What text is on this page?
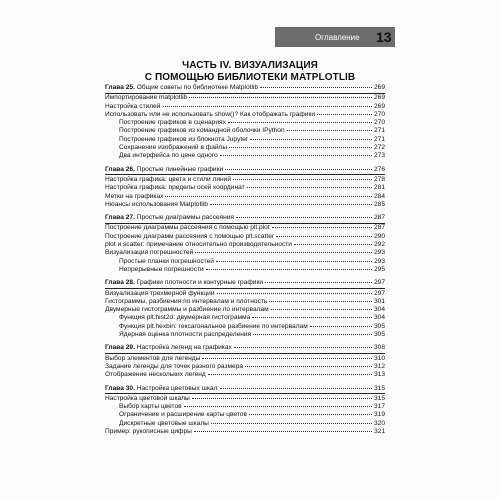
Оглавление 13
ЧАСТЬ IV. ВИЗУАЛИЗАЦИЯ
С ПОМОЩЬЮ БИБЛИОТЕКИ MATPLOTLIB
Глава 25. Общие советы по библиотеке Matplotlib	269
Импортирование matplotlib	269
Настройка стилей	269
Использовать или не использовать show()? Как отображать графики	270
Построение графиков в сценариях	270
Построение графиков из командной оболочки IPython	271
Построение графиков из блокнота Jupyter	271
Сохранение изображений в файлы	272
Два интерфейса по цене одного	273
Глава 26. Простые линейные графики	276
Настройка графика: цвета и стили линий	278
Настройка графика: пределы осей координат	281
Метки на графиках	284
Нюансы использования Matplotlib	285
Глава 27. Простые диаграммы рассеяния	287
Построение диаграммы рассеяния с помощью plt.plot	287
Построение диаграмм рассеяния с помощью plt.scatter	290
plot и scatter: примечание относительно производительности	292
Визуализация погрешностей	293
Простые планки погрешностей	293
Непрерывные погрешности	295
Глава 28. Графики плотности и контурные графики	297
Визуализация трехмерной функции	297
Гистограммы, разбиения по интервалам и плотность	301
Двумерные гистограммы и разбиение по интервалам	304
Функция plt.hist2d: двумерная гистограмма	304
Функция plt.hexbin: гексагональное разбиение по интервалам	305
Ядерная оценка плотности распределения	305
Глава 29. Настройка легенд на графиках	308
Выбор элементов для легенды	310
Задание легенды для точек разного размера	312
Отображение нескольких легенд	313
Глава 30. Настройка цветовых шкал	315
Настройка цветовой шкалы	315
Выбор карты цветов	317
Ограничение и расширение карты цветов	319
Дискретные цветовые шкалы	320
Пример: рукописные цифры	321
